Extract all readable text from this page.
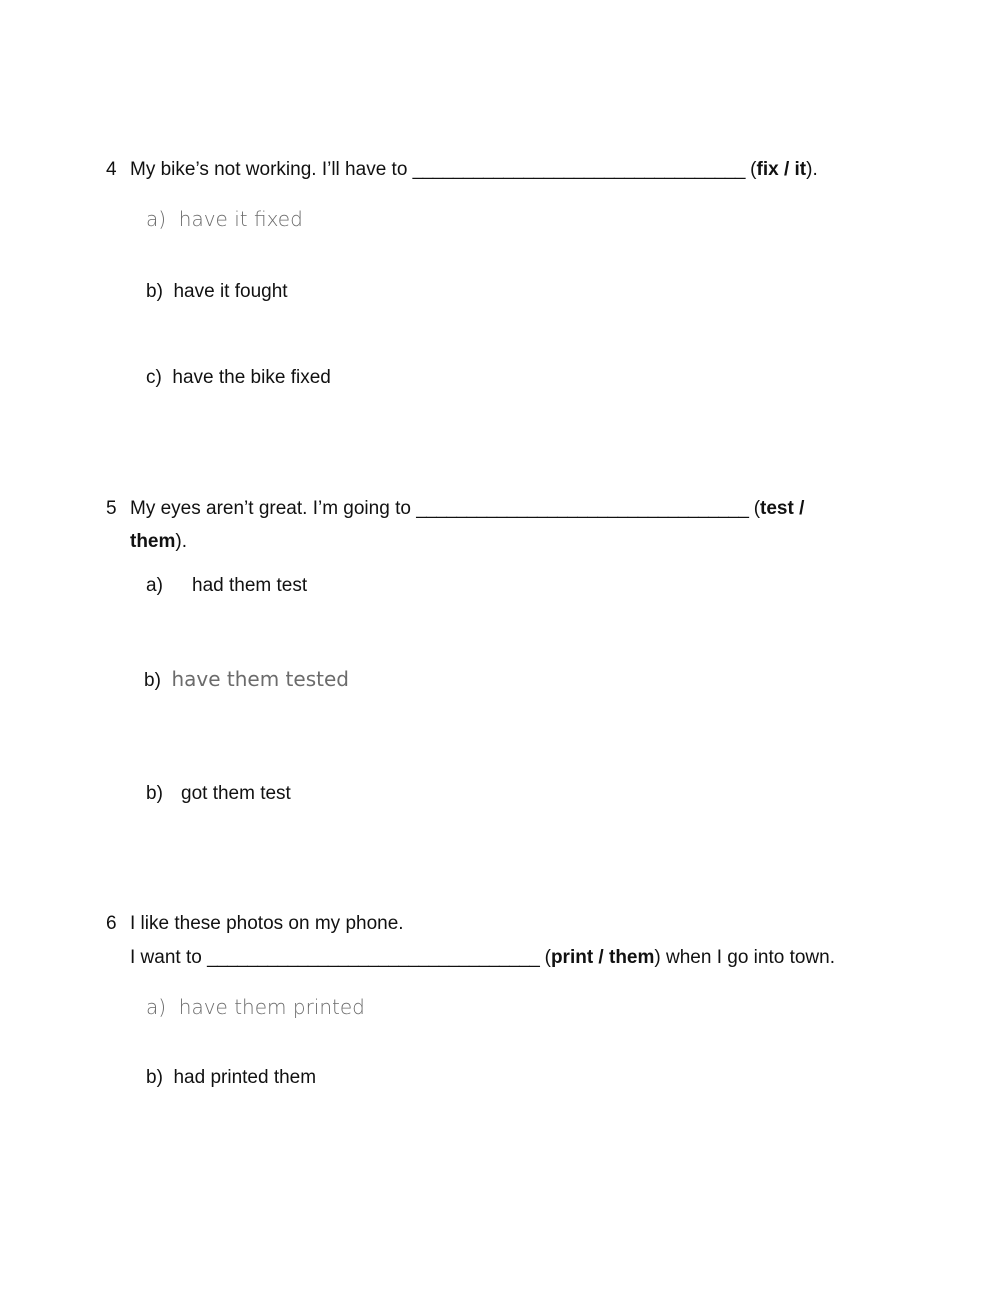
4 My bike’s not working. I’ll have to _________________________________ (fix / it).
a) have it fixed
b) have it fought
c) have the bike fixed
5 My eyes aren’t great. I’m going to _________________________________ (test /
them).
a) had them test
b) have them tested
b) got them test
6 I like these photos on my phone.
I want to _________________________________ (print / them) when I go into town.
a) have them printed
b) had printed them
